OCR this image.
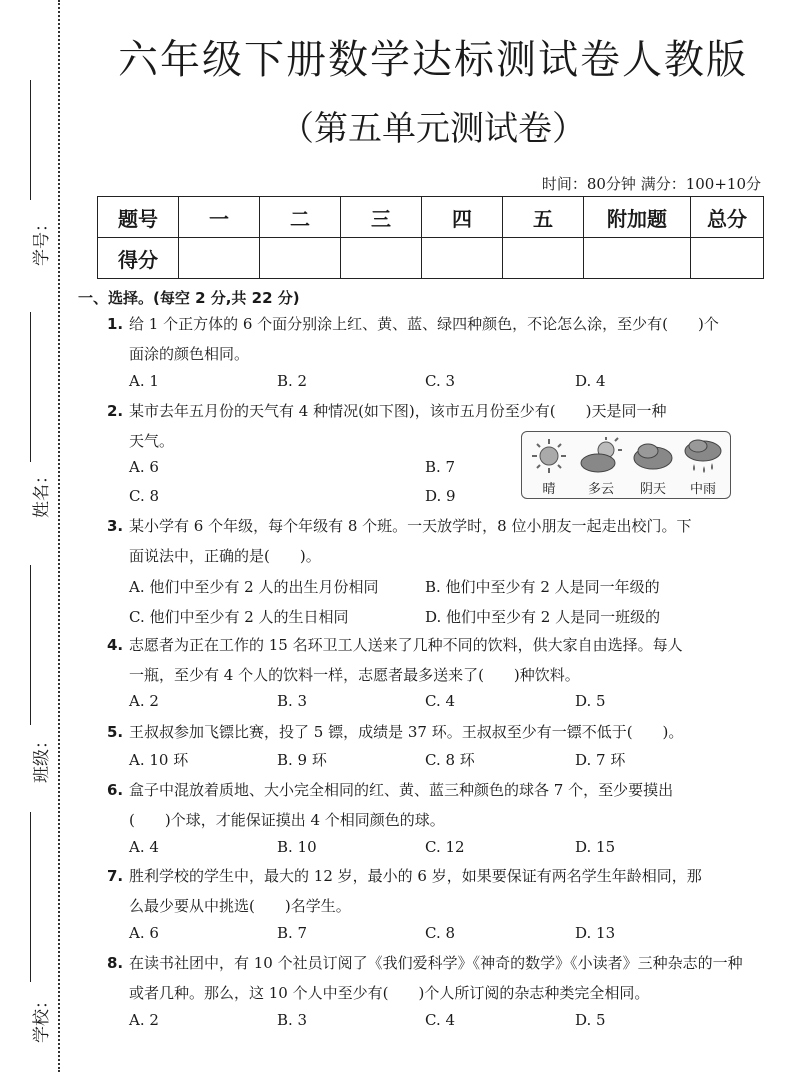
学号：
姓名：
班级：
学校：
六年级下册数学达标测试卷人教版
（第五单元测试卷）
时间：80分钟 满分：100+10分
题号	一	二	三	四	五	附加题	总分
得分							
一、选择。(每空 2 分,共 22 分)
1. 给 1 个正方体的 6 个面分别涂上红、黄、蓝、绿四种颜色，不论怎么涂，至少有(　　)个
面涂的颜色相同。
A. 1	B. 2	C. 3	D. 4
2. 某市去年五月份的天气有 4 种情况(如下图)，该市五月份至少有(　　)天是同一种
天气。
A. 6	B. 7
C. 8	D. 9	晴	多云	阴天	中雨
3. 某小学有 6 个年级，每个年级有 8 个班。一天放学时，8 位小朋友一起走出校门。下
面说法中，正确的是(　　)。
A. 他们中至少有 2 人的出生月份相同	B. 他们中至少有 2 人是同一年级的
C. 他们中至少有 2 人的生日相同	D. 他们中至少有 2 人是同一班级的
4. 志愿者为正在工作的 15 名环卫工人送来了几种不同的饮料，供大家自由选择。每人
一瓶，至少有 4 个人的饮料一样，志愿者最多送来了(　　)种饮料。
A. 2	B. 3	C. 4	D. 5
5. 王叔叔参加飞镖比赛，投了 5 镖，成绩是 37 环。王叔叔至少有一镖不低于(　　)。
A. 10 环	B. 9 环	C. 8 环	D. 7 环
6. 盒子中混放着质地、大小完全相同的红、黄、蓝三种颜色的球各 7 个，至少要摸出
(　　)个球，才能保证摸出 4 个相同颜色的球。
A. 4	B. 10	C. 12	D. 15
7. 胜利学校的学生中，最大的 12 岁，最小的 6 岁，如果要保证有两名学生年龄相同，那
么最少要从中挑选(　　)名学生。
A. 6	B. 7	C. 8	D. 13
8. 在读书社团中，有 10 个社员订阅了《我们爱科学》《神奇的数学》《小读者》三种杂志的一种
或者几种。那么，这 10 个人中至少有(　　)个人所订阅的杂志种类完全相同。
A. 2	B. 3	C. 4	D. 5
